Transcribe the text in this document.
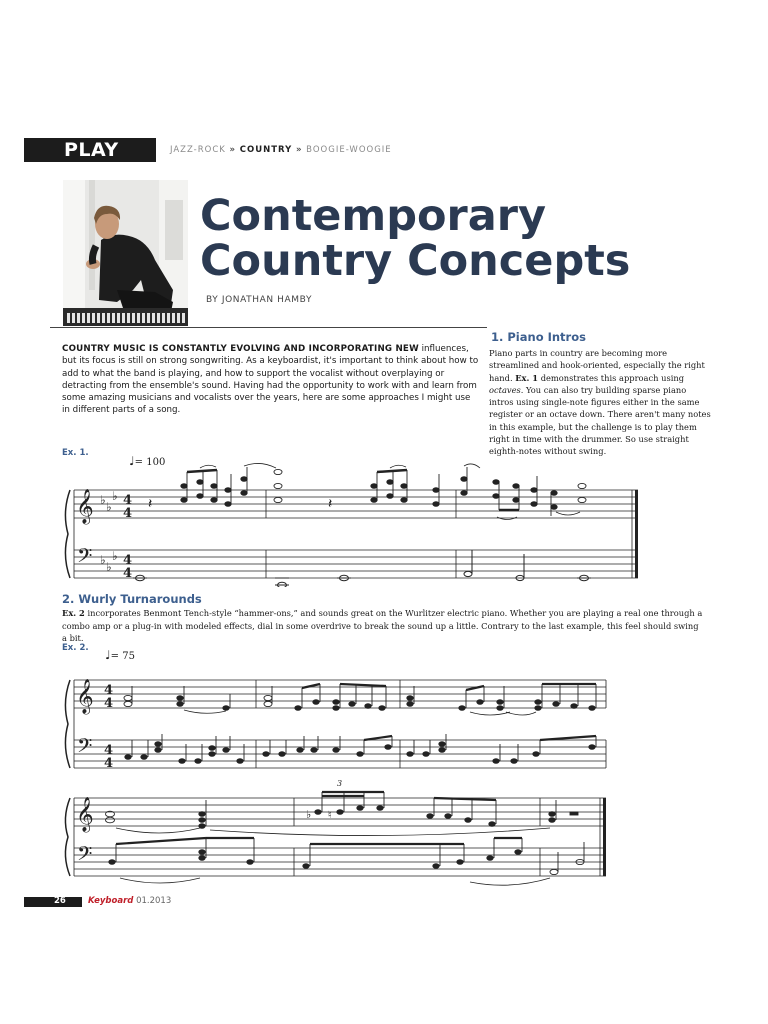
PLAY	JAZZ-ROCK » COUNTRY » BOOGIE-WOOGIE
Contemporary
Country Concepts
BY JONATHAN HAMBY
COUNTRY MUSIC IS CONSTANTLY EVOLVING AND INCORPORATING NEW influences, but its focus is still on strong songwriting. As a keyboardist, it's important to think about how to add to what the band is playing, and how to support the vocalist without overplaying or detracting from the ensemble's sound. Having had the opportunity to work with and learn from some amazing musicians and vocalists over the years, here are some approaches I might use in different parts of a song.
1. Piano Intros
Piano parts in country are becoming more streamlined and hook-oriented, especially the right hand. Ex. 1 demonstrates this approach using octaves. You can also try building sparse piano intros using single-note figures either in the same register or an octave down. There aren't many notes in this example, but the challenge is to play them right in time with the drummer. So use straight eighth-notes without swing.
Ex. 1.
♩= 100
𝄞
𝄢
♭ ♭
♭
♭ ♭
♭
4
4
4
4
𝄽	𝄽
2. Wurly Turnarounds
Ex. 2 incorporates Benmont Tench-style “hammer-ons,” and sounds great on the Wurlitzer electric piano. Whether you are playing a real one through a combo amp or a plug-in with modeled effects, dial in some overdrive to break the sound up a little. Contrary to the last example, this feel should swing a bit.
Ex. 2. ♩= 75
𝄞
𝄢
4
4
4
4
𝄞
𝄢
3
♭ ♮
26	Keyboard 01.2013
